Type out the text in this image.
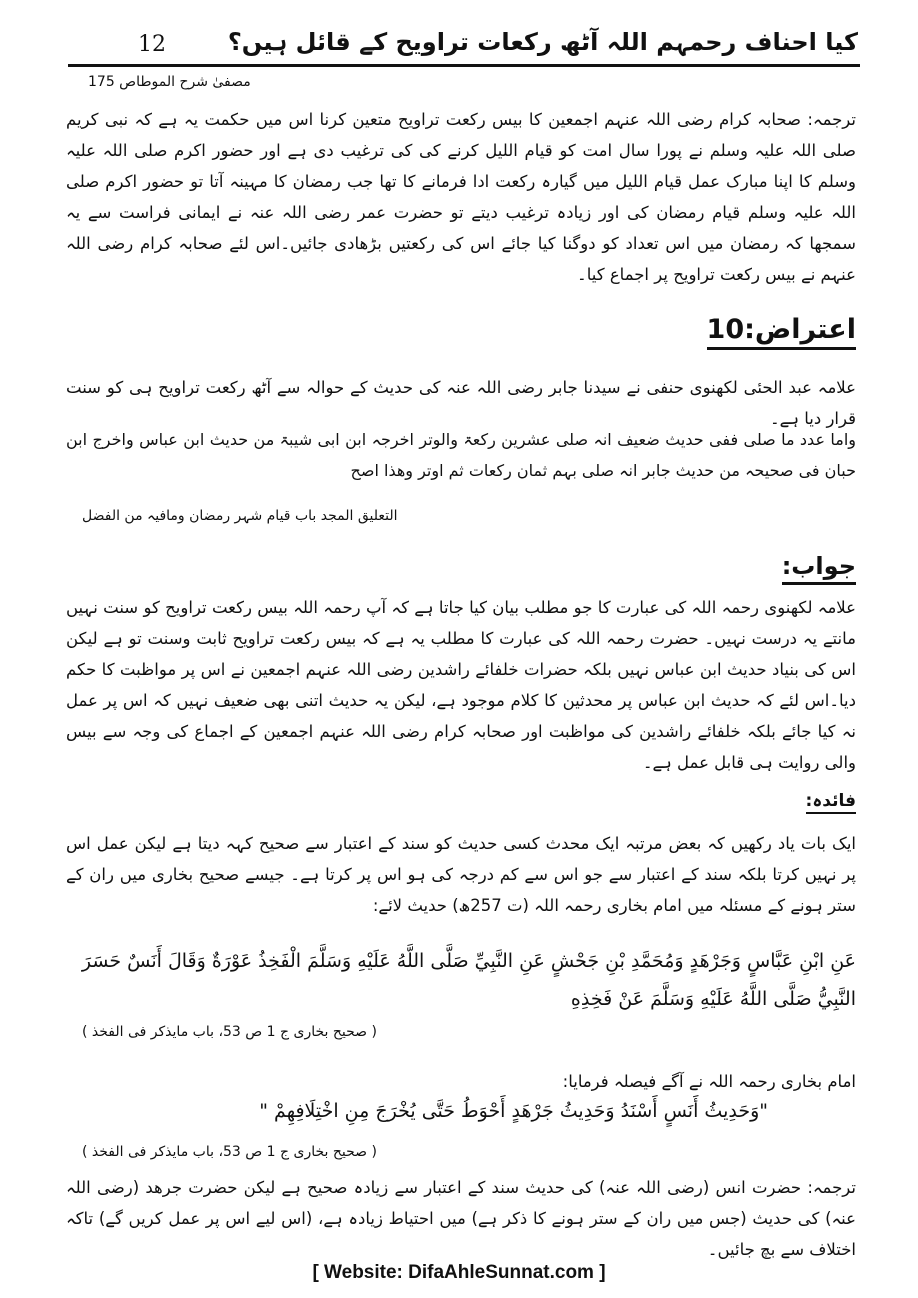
کیا احناف رحمہم اللہ آٹھ رکعات تراویح کے قائل ہیں؟
12
مصفیٰ شرح الموطاص 175
ترجمہ: صحابہ کرام رضی اللہ عنہم اجمعین کا بیس رکعت تراویح متعین کرنا اس میں حکمت یہ ہے کہ نبی کریم صلی اللہ علیہ وسلم نے پورا سال امت کو قیام اللیل کرنے کی کی ترغیب دی ہے اور حضور اکرم صلی اللہ علیہ وسلم کا اپنا مبارک عمل قیام اللیل میں گیارہ رکعت ادا فرمانے کا تھا جب رمضان کا مہینہ آتا تو حضور اکرم صلی اللہ علیہ وسلم قیام رمضان کی اور زیادہ ترغیب دیتے تو حضرت عمر رضی اللہ عنہ نے ایمانی فراست سے یہ سمجھا کہ رمضان میں اس تعداد کو دوگنا کیا جائے اس کی رکعتیں بڑھادی جائیں۔اس لئے صحابہ کرام رضی اللہ عنہم نے بیس رکعت تراویح پر اجماع کیا۔
اعتراض:10
علامہ عبد الحئی لکھنوی حنفی نے سیدنا جابر رضی اللہ عنہ کی حدیث کے حوالہ سے آٹھ رکعت تراویح ہی کو سنت قرار دیا ہے۔
واما عدد ما صلی ففی حدیث ضعیف انہ صلی عشرین رکعۃ والوتر اخرجہ ابن ابی شیبۃ من حدیث ابن عباس واخرج ابن حبان فی صحیحہ من حدیث جابر انہ صلی بہم ثمان رکعات ثم اوتر وھذا اصح
التعلیق المجد باب قیام شہر رمضان ومافیہ من الفضل
جواب:
علامہ لکھنوی رحمہ اللہ کی عبارت کا جو مطلب بیان کیا جاتا ہے کہ آپ رحمہ اللہ بیس رکعت تراویح کو سنت نہیں مانتے یہ درست نہیں۔ حضرت رحمہ اللہ کی عبارت کا مطلب یہ ہے کہ بیس رکعت تراویح ثابت وسنت تو ہے لیکن اس کی بنیاد حدیث ابن عباس نہیں بلکہ حضرات خلفائے راشدین رضی اللہ عنہم اجمعین نے اس پر مواظبت کا حکم دیا۔اس لئے کہ حدیث ابن عباس پر محدثین کا کلام موجود ہے، لیکن یہ حدیث اتنی بھی ضعیف نہیں کہ اس پر عمل نہ کیا جائے بلکہ خلفائے راشدین کی مواظبت اور صحابہ کرام رضی اللہ عنہم اجمعین کے اجماع کی وجہ سے بیس والی روایت ہی قابل عمل ہے۔
فائدہ:
ایک بات یاد رکھیں کہ بعض مرتبہ ایک محدث کسی حدیث کو سند کے اعتبار سے صحیح کہہ دیتا ہے لیکن عمل اس پر نہیں کرتا بلکہ سند کے اعتبار سے جو اس سے کم درجہ کی ہو اس پر کرتا ہے۔ جیسے صحیح بخاری میں ران کے ستر ہونے کے مسئلہ میں امام بخاری رحمہ اللہ (ت 257ھ) حدیث لائے:
عَنِ ابْنِ عَبَّاسٍ وَجَرْهَدٍ وَمُحَمَّدِ بْنِ جَحْشٍ عَنِ النَّبِيِّ صَلَّى اللَّهُ عَلَيْهِ وَسَلَّمَ الْفَخِذُ عَوْرَةٌ وَقَالَ أَنَسٌ حَسَرَ النَّبِيُّ صَلَّى اللَّهُ عَلَيْهِ وَسَلَّمَ عَنْ فَخِذِهِ
( صحیح بخاری ج 1 ص 53، باب مایذکر فی الفخذ )
امام بخاری رحمہ اللہ نے آگے فیصلہ فرمایا:
"وَحَدِيثُ أَنَسٍ أَسْنَدُ وَحَدِيثُ جَرْهَدٍ أَحْوَطُ حَتَّى يُخْرَجَ مِنِ اخْتِلَافِهِمْ "
( صحیح بخاری ج 1 ص 53، باب مایذکر فی الفخذ )
ترجمہ: حضرت انس (رضی اللہ عنہ) کی حدیث سند کے اعتبار سے زیادہ صحیح ہے لیکن حضرت جرھد (رضی اللہ عنہ) کی حدیث (جس میں ران کے ستر ہونے کا ذکر ہے) میں احتیاط زیادہ ہے، (اس لیے اس پر عمل کریں گے) تاکہ اختلاف سے بچ جائیں۔
[ Website: DifaAhleSunnat.com ]
